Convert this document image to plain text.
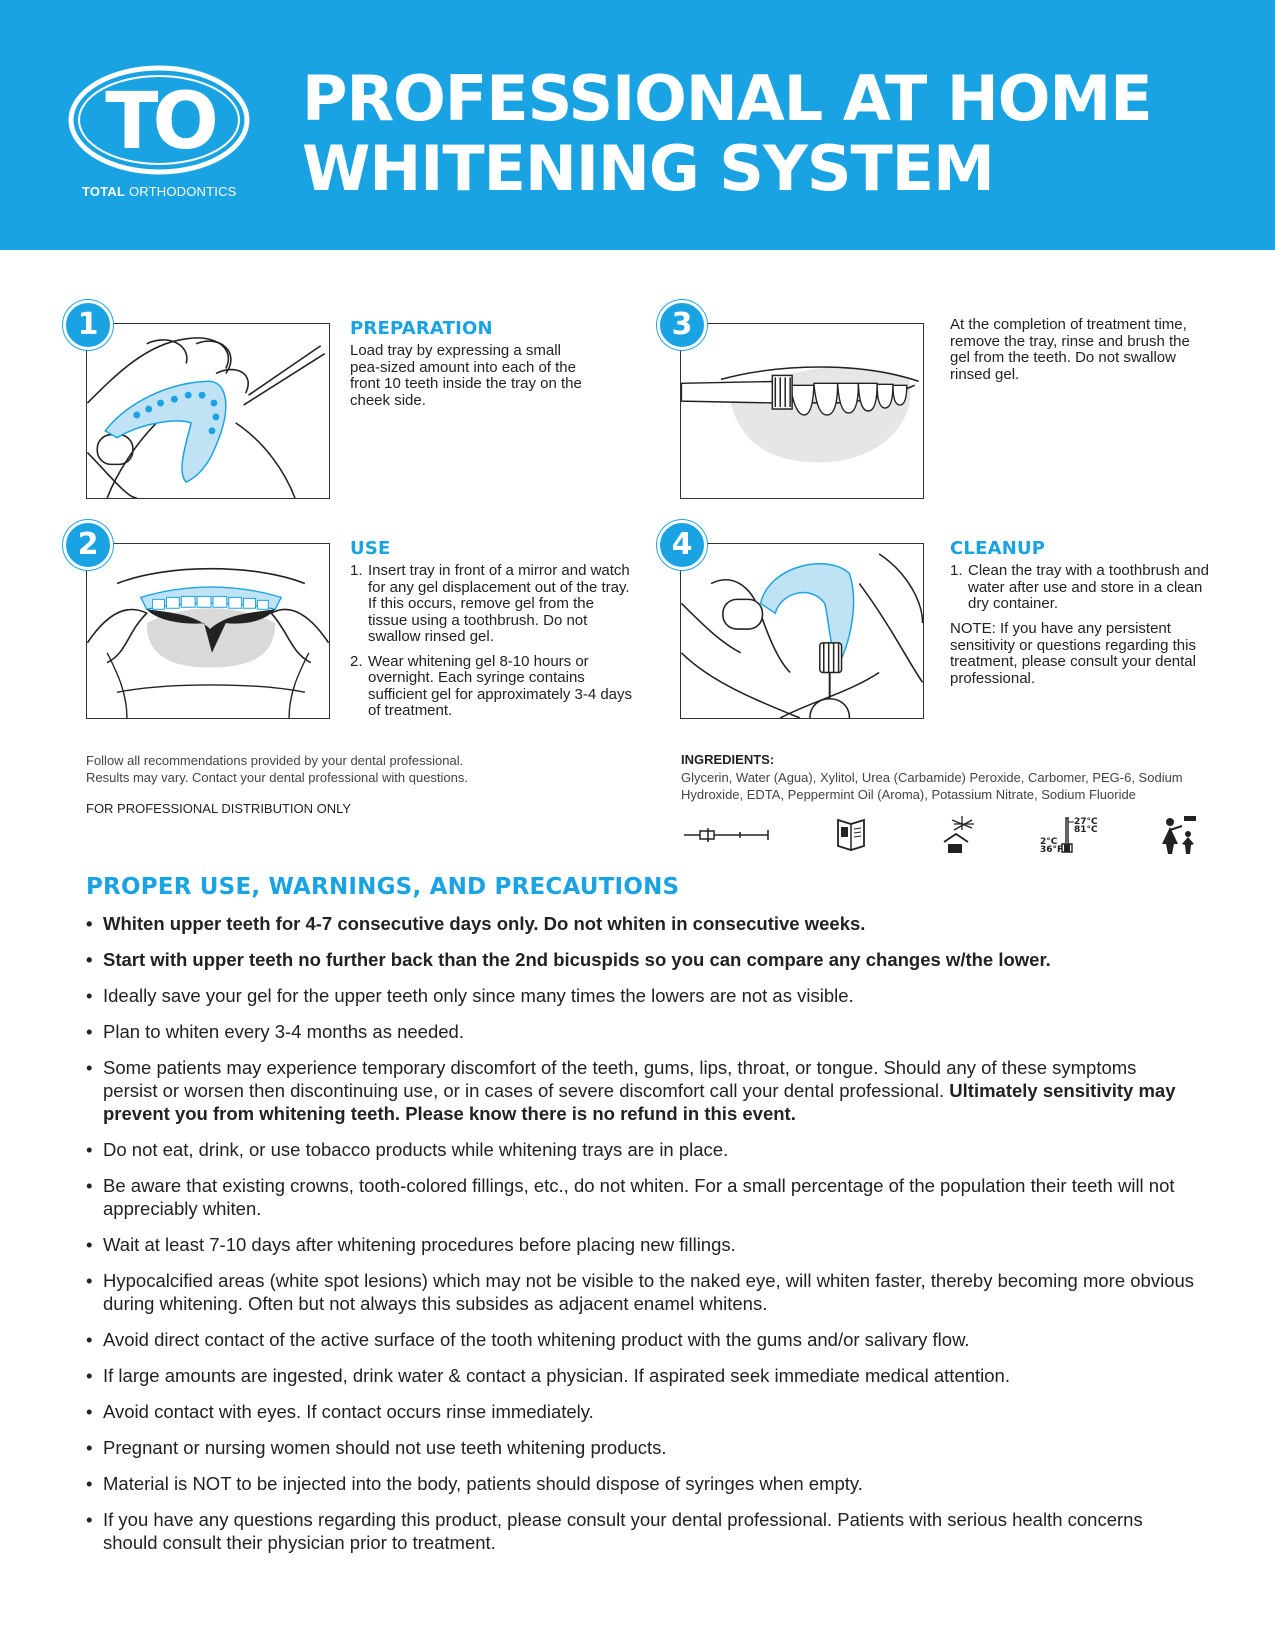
TO
TOTAL ORTHODONTICS
PROFESSIONAL AT HOME
WHITENING SYSTEM
1	PREPARATION
Load tray by expressing a small pea-sized amount into each of the front 10 teeth inside the tray on the cheek side.
3	At the completion of treatment time, remove the tray, rinse and brush the gel from the teeth. Do not swallow rinsed gel.
2	USE
1. Insert tray in front of a mirror and watch for any gel displacement out of the tray. If this occurs, remove gel from the tissue using a toothbrush. Do not swallow rinsed gel.
2. Wear whitening gel 8-10 hours or overnight. Each syringe contains sufficient gel for approximately 3-4 days of treatment.
4	CLEANUP
1. Clean the tray with a toothbrush and water after use and store in a clean dry container.
NOTE: If you have any persistent sensitivity or questions regarding this treatment, please consult your dental professional.
Follow all recommendations provided by your dental professional.
Results may vary. Contact your dental professional with questions.
FOR PROFESSIONAL DISTRIBUTION ONLY
INGREDIENTS:
Glycerin, Water (Agua), Xylitol, Urea (Carbamide) Peroxide, Carbomer, PEG-6, Sodium Hydroxide, EDTA, Peppermint Oil (Aroma), Potassium Nitrate, Sodium Fluoride
27°C
81°C
2°C
36°F
PROPER USE, WARNINGS, AND PRECAUTIONS
• Whiten upper teeth for 4-7 consecutive days only. Do not whiten in consecutive weeks.
• Start with upper teeth no further back than the 2nd bicuspids so you can compare any changes w/the lower.
• Ideally save your gel for the upper teeth only since many times the lowers are not as visible.
• Plan to whiten every 3-4 months as needed.
• Some patients may experience temporary discomfort of the teeth, gums, lips, throat, or tongue. Should any of these symptoms persist or worsen then discontinuing use, or in cases of severe discomfort call your dental professional. Ultimately sensitivity may prevent you from whitening teeth. Please know there is no refund in this event.
• Do not eat, drink, or use tobacco products while whitening trays are in place.
• Be aware that existing crowns, tooth-colored fillings, etc., do not whiten. For a small percentage of the population their teeth will not appreciably whiten.
• Wait at least 7-10 days after whitening procedures before placing new fillings.
• Hypocalcified areas (white spot lesions) which may not be visible to the naked eye, will whiten faster, thereby becoming more obvious during whitening. Often but not always this subsides as adjacent enamel whitens.
• Avoid direct contact of the active surface of the tooth whitening product with the gums and/or salivary flow.
• If large amounts are ingested, drink water & contact a physician. If aspirated seek immediate medical attention.
• Avoid contact with eyes. If contact occurs rinse immediately.
• Pregnant or nursing women should not use teeth whitening products.
• Material is NOT to be injected into the body, patients should dispose of syringes when empty.
• If you have any questions regarding this product, please consult your dental professional. Patients with serious health concerns should consult their physician prior to treatment.
